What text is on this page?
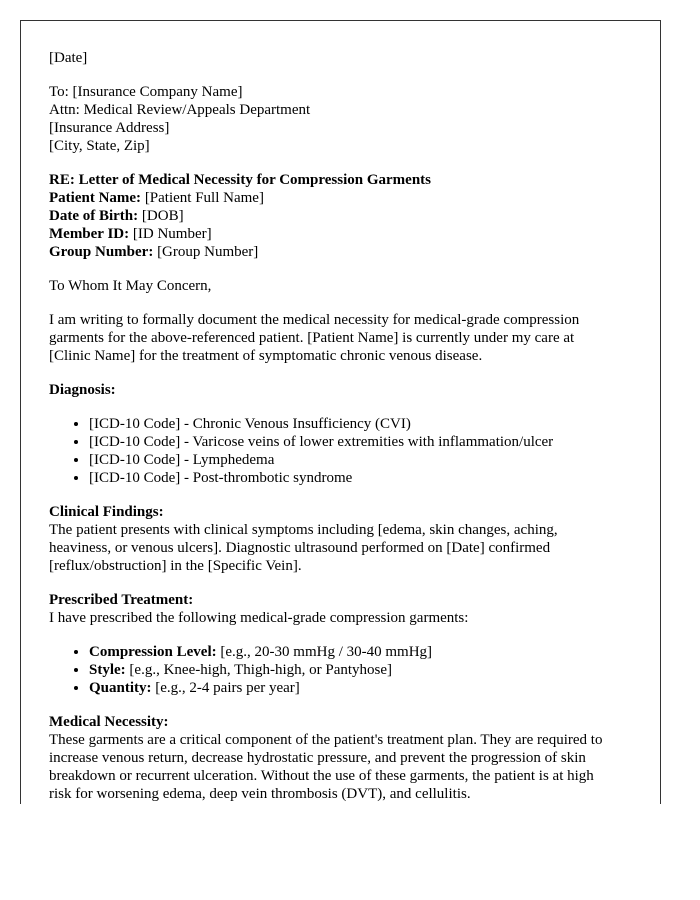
[Date]

To: [Insurance Company Name]
Attn: Medical Review/Appeals Department
[Insurance Address]
[City, State, Zip]

RE: Letter of Medical Necessity for Compression Garments
Patient Name: [Patient Full Name]
Date of Birth: [DOB]
Member ID: [ID Number]
Group Number: [Group Number]

To Whom It May Concern,

I am writing to formally document the medical necessity for medical-grade compression garments for the above-referenced patient. [Patient Name] is currently under my care at [Clinic Name] for the treatment of symptomatic chronic venous disease.

Diagnosis:

• [ICD-10 Code] - Chronic Venous Insufficiency (CVI)
• [ICD-10 Code] - Varicose veins of lower extremities with inflammation/ulcer
• [ICD-10 Code] - Lymphedema
• [ICD-10 Code] - Post-thrombotic syndrome

Clinical Findings:
The patient presents with clinical symptoms including [edema, skin changes, aching, heaviness, or venous ulcers]. Diagnostic ultrasound performed on [Date] confirmed [reflux/obstruction] in the [Specific Vein].

Prescribed Treatment:
I have prescribed the following medical-grade compression garments:

• Compression Level: [e.g., 20-30 mmHg / 30-40 mmHg]
• Style: [e.g., Knee-high, Thigh-high, or Pantyhose]
• Quantity: [e.g., 2-4 pairs per year]

Medical Necessity:
These garments are a critical component of the patient's treatment plan. They are required to increase venous return, decrease hydrostatic pressure, and prevent the progression of skin breakdown or recurrent ulceration. Without the use of these garments, the patient is at high risk for worsening edema, deep vein thrombosis (DVT), and cellulitis.
